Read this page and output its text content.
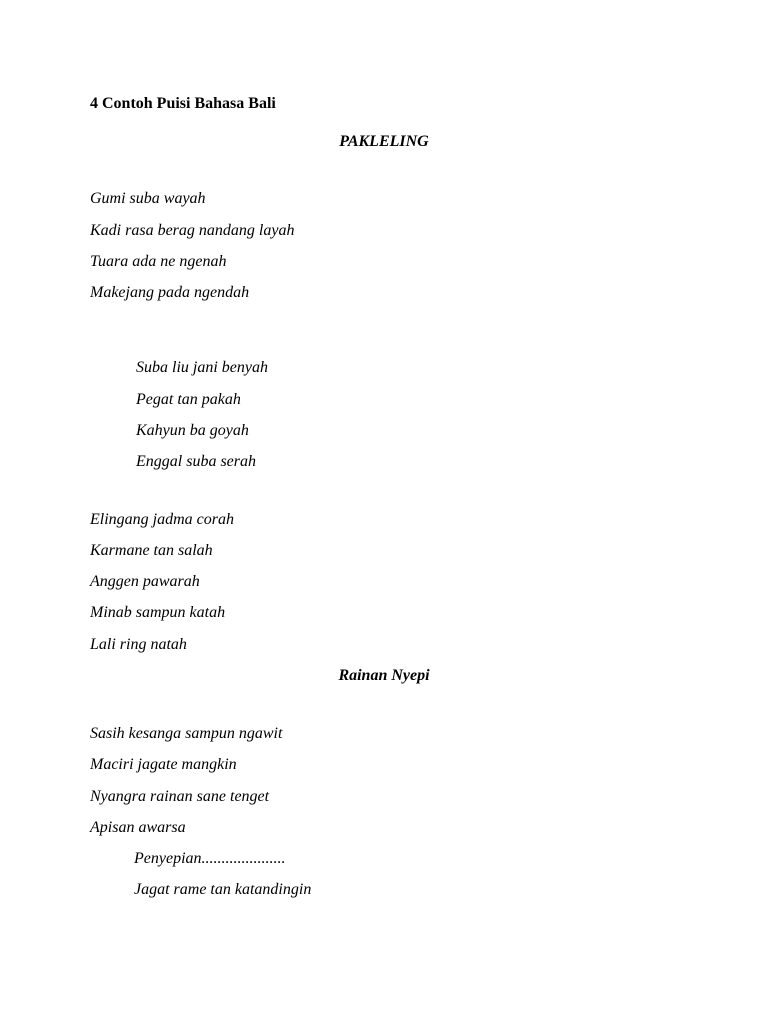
4 Contoh Puisi Bahasa Bali
PAKLELING
Gumi suba wayah
Kadi rasa berag nandang layah
Tuara ada ne ngenah
Makejang pada ngendah
Suba liu jani benyah
Pegat tan pakah
Kahyun ba goyah
Enggal suba serah
Elingang jadma corah
Karmane tan salah
Anggen pawarah
Minab sampun katah
Lali ring natah
Rainan Nyepi
Sasih kesanga sampun ngawit
Maciri jagate mangkin
Nyangra rainan sane tenget
Apisan awarsa
Penyepian.....................
Jagat rame tan katandingin
